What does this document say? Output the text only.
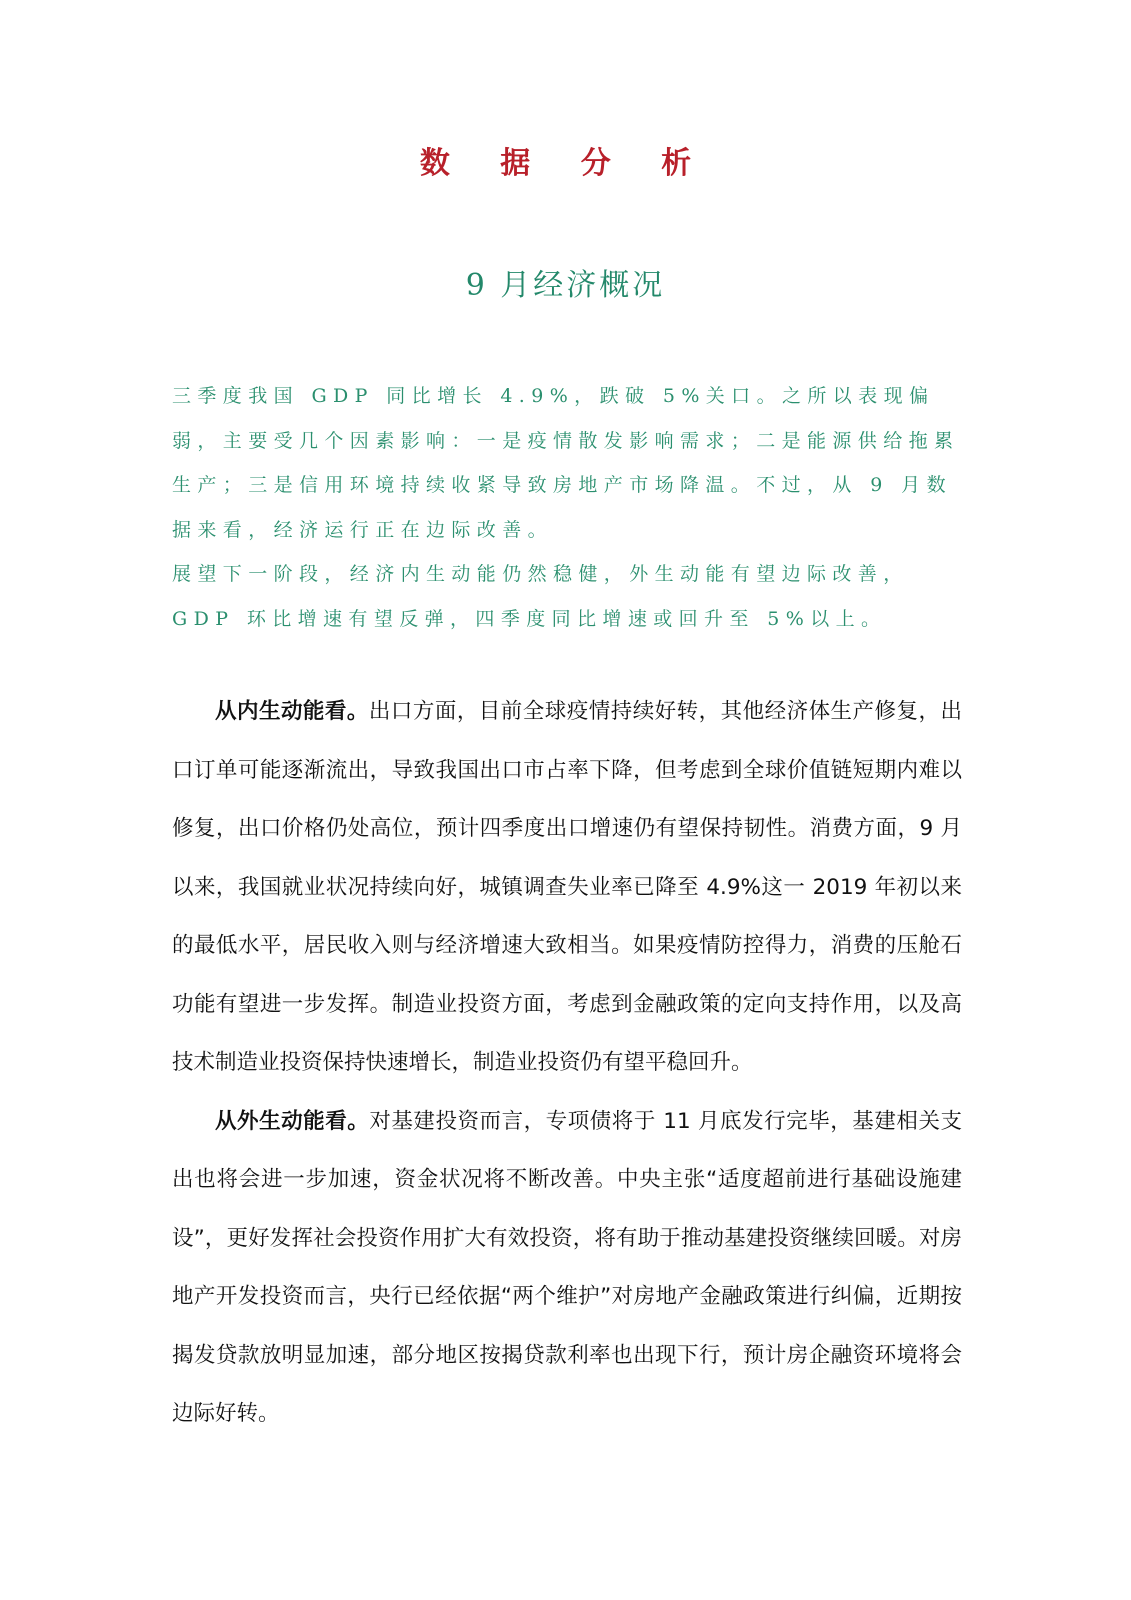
数 据 分 析
9 月经济概况

三季度我国 GDP 同比增长 4.9%，跌破 5%关口。之所以表现偏弱，主要受几个因素影响：一是疫情散发影响需求；二是能源供给拖累生产；三是信用环境持续收紧导致房地产市场降温。不过，从 9 月数据来看，经济运行正在边际改善。

展望下一阶段，经济内生动能仍然稳健，外生动能有望边际改善，GDP 环比增速有望反弹，四季度同比增速或回升至 5%以上。

从内生动能看。出口方面，目前全球疫情持续好转，其他经济体生产修复，出口订单可能逐渐流出，导致我国出口市占率下降，但考虑到全球价值链短期内难以修复，出口价格仍处高位，预计四季度出口增速仍有望保持韧性。消费方面，9 月以来，我国就业状况持续向好，城镇调查失业率已降至 4.9%这一 2019 年初以来的最低水平，居民收入则与经济增速大致相当。如果疫情防控得力，消费的压舱石功能有望进一步发挥。制造业投资方面，考虑到金融政策的定向支持作用，以及高技术制造业投资保持快速增长，制造业投资仍有望平稳回升。

从外生动能看。对基建投资而言，专项债将于 11 月底发行完毕，基建相关支出也将会进一步加速，资金状况将不断改善。中央主张“适度超前进行基础设施建设”，更好发挥社会投资作用扩大有效投资，将有助于推动基建投资继续回暖。对房地产开发投资而言，央行已经依据“两个维护”对房地产金融政策进行纠偏，近期按揭发贷款放明显加速，部分地区按揭贷款利率也出现下行，预计房企融资环境将会边际好转。
